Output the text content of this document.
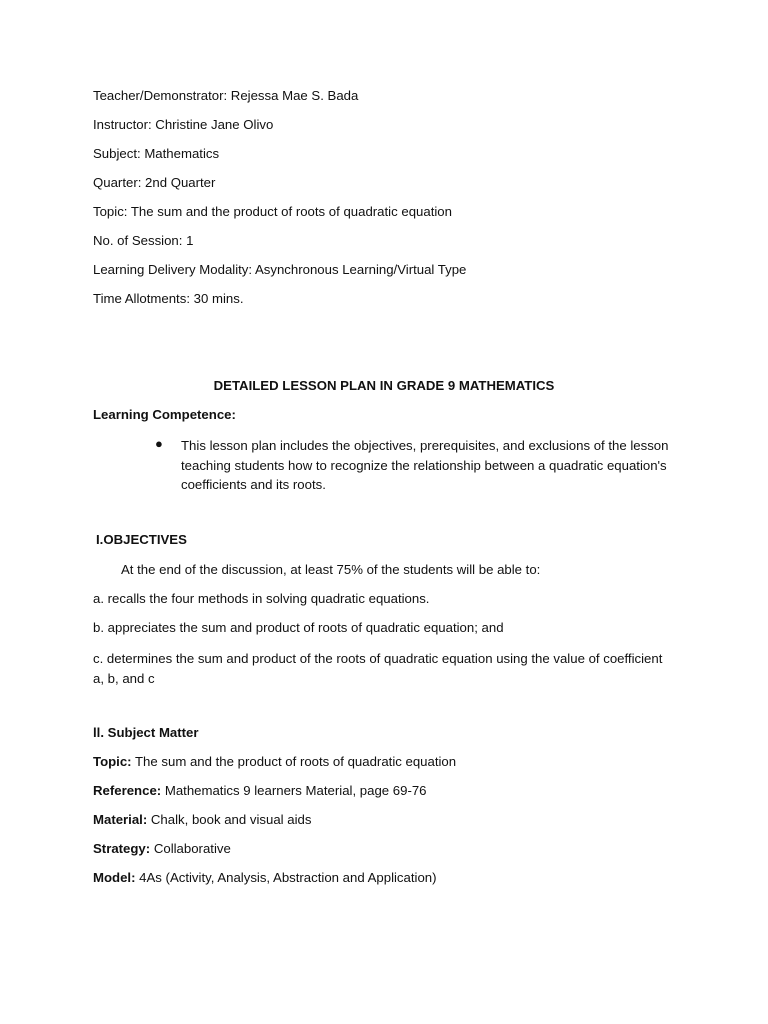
Teacher/Demonstrator: Rejessa Mae S. Bada
Instructor: Christine Jane Olivo
Subject: Mathematics
Quarter: 2nd Quarter
Topic: The sum and the product of roots of quadratic equation
No. of Session: 1
Learning Delivery Modality: Asynchronous Learning/Virtual Type
Time Allotments: 30 mins.
DETAILED LESSON PLAN IN GRADE 9 MATHEMATICS
Learning Competence:
● This lesson plan includes the objectives, prerequisites, and exclusions of the lesson teaching students how to recognize the relationship between a quadratic equation's coefficients and its roots.
I.OBJECTIVES
At the end of the discussion, at least 75% of the students will be able to:
a. recalls the four methods in solving quadratic equations.
b. appreciates the sum and product of roots of quadratic equation; and
c. determines the sum and product of the roots of quadratic equation using the value of coefficient a, b, and c
ll. Subject Matter
Topic: The sum and the product of roots of quadratic equation
Reference: Mathematics 9 learners Material, page 69-76
Material: Chalk, book and visual aids
Strategy: Collaborative
Model: 4As (Activity, Analysis, Abstraction and Application)
